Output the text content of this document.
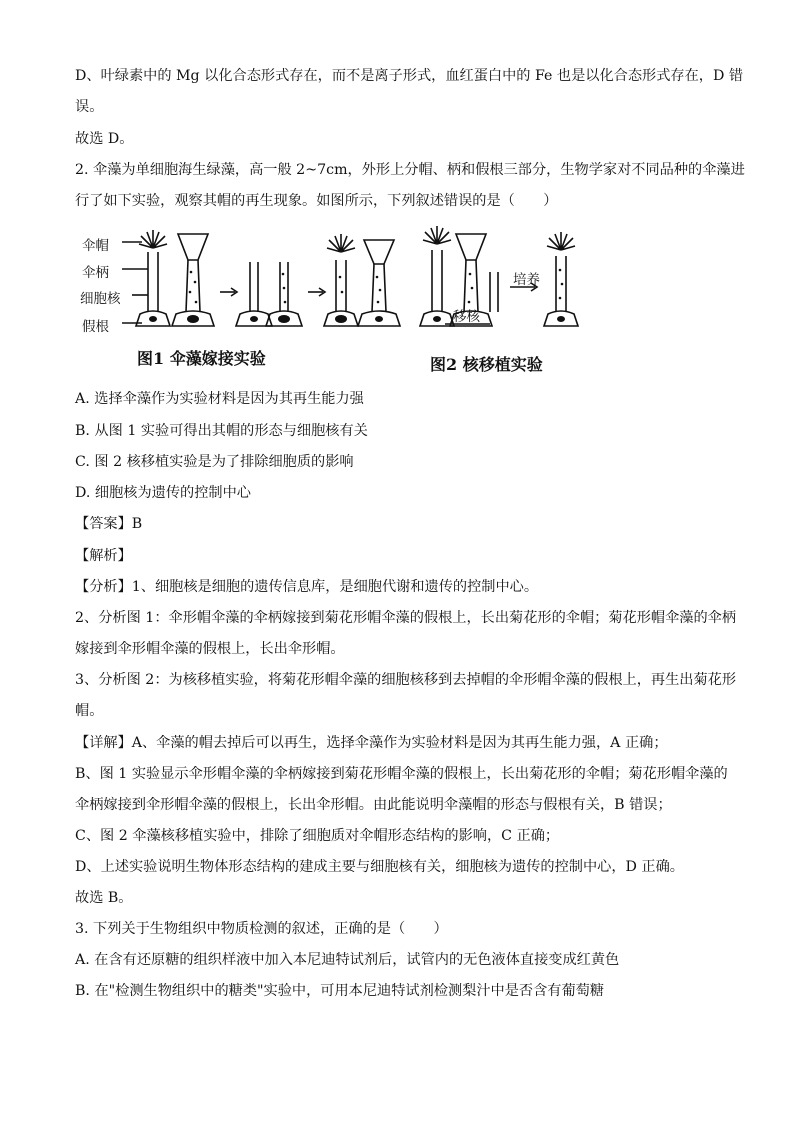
D、叶绿素中的 Mg 以化合态形式存在，而不是离子形式，血红蛋白中的 Fe 也是以化合态形式存在，D 错
误。
故选 D。
2. 伞藻为单细胞海生绿藻，高一般 2~7cm，外形上分帽、柄和假根三部分，生物学家对不同品种的伞藻进
行了如下实验，观察其帽的再生现象。如图所示，下列叙述错误的是（　　）
伞帽
伞柄
细胞核
假根
移核
培养
图1 伞藻嫁接实验	图2 核移植实验
A. 选择伞藻作为实验材料是因为其再生能力强
B. 从图 1 实验可得出其帽的形态与细胞核有关
C. 图 2 核移植实验是为了排除细胞质的影响
D. 细胞核为遗传的控制中心
【答案】B
【解析】
【分析】1、细胞核是细胞的遗传信息库，是细胞代谢和遗传的控制中心。
2、分析图 1：伞形帽伞藻的伞柄嫁接到菊花形帽伞藻的假根上，长出菊花形的伞帽；菊花形帽伞藻的伞柄
嫁接到伞形帽伞藻的假根上，长出伞形帽。
3、分析图 2：为核移植实验，将菊花形帽伞藻的细胞核移到去掉帽的伞形帽伞藻的假根上，再生出菊花形
帽。
【详解】A、伞藻的帽去掉后可以再生，选择伞藻作为实验材料是因为其再生能力强，A 正确；
B、图 1 实验显示伞形帽伞藻的伞柄嫁接到菊花形帽伞藻的假根上，长出菊花形的伞帽；菊花形帽伞藻的
伞柄嫁接到伞形帽伞藻的假根上，长出伞形帽。由此能说明伞藻帽的形态与假根有关，B 错误；
C、图 2 伞藻核移植实验中，排除了细胞质对伞帽形态结构的影响，C 正确；
D、上述实验说明生物体形态结构的建成主要与细胞核有关，细胞核为遗传的控制中心，D 正确。
故选 B。
3. 下列关于生物组织中物质检测的叙述，正确的是（　　）
A. 在含有还原糖的组织样液中加入本尼迪特试剂后，试管内的无色液体直接变成红黄色
B. 在"检测生物组织中的糖类"实验中，可用本尼迪特试剂检测梨汁中是否含有葡萄糖
